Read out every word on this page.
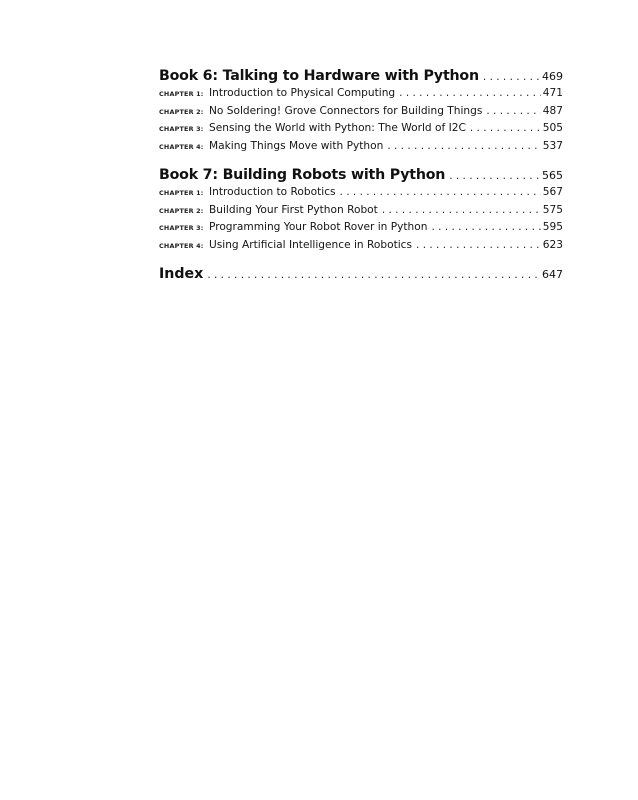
Book 6: Talking to Hardware with Python . . .	469
CHAPTER 1: Introduction to Physical Computing . . .	471
CHAPTER 2: No Soldering! Grove Connectors for Building Things . . .	487
CHAPTER 3: Sensing the World with Python: The World of I2C . . .	505
CHAPTER 4: Making Things Move with Python . . .	537
Book 7: Building Robots with Python . . .	565
CHAPTER 1: Introduction to Robotics . . .	567
CHAPTER 2: Building Your First Python Robot . . .	575
CHAPTER 3: Programming Your Robot Rover in Python . . .	595
CHAPTER 4: Using Artificial Intelligence in Robotics . . .	623
Index . . .	647
